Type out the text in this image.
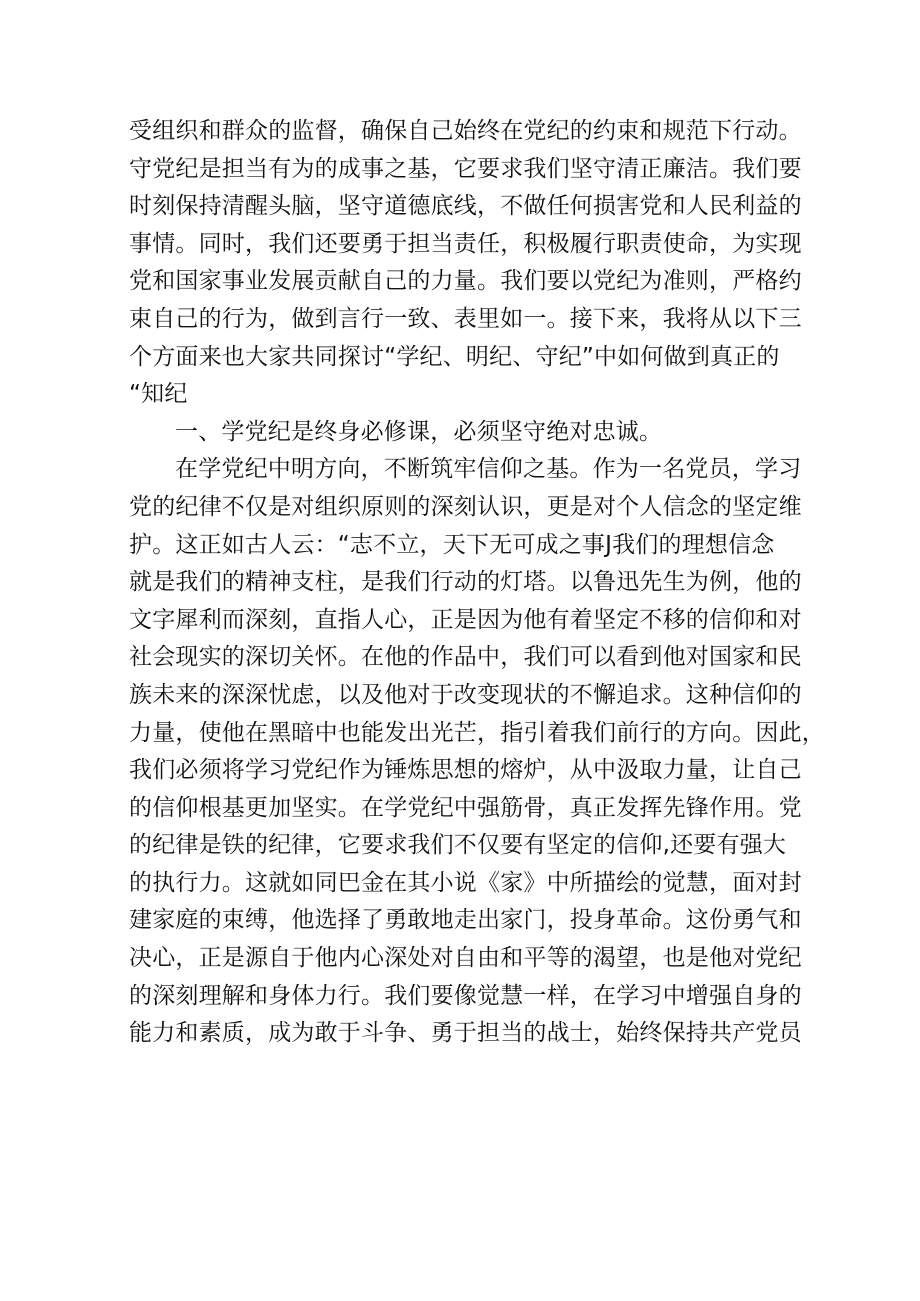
受组织和群众的监督，确保自己始终在党纪的约束和规范下行动。
守党纪是担当有为的成事之基，它要求我们坚守清正廉洁。我们要
时刻保持清醒头脑，坚守道德底线，不做任何损害党和人民利益的
事情。同时，我们还要勇于担当责任，积极履行职责使命，为实现
党和国家事业发展贡献自己的力量。我们要以党纪为准则，严格约
束自己的行为，做到言行一致、表里如一。接下来，我将从以下三
个方面来也大家共同探讨“学纪、明纪、守纪”中如何做到真正的
“知纪
一、学党纪是终身必修课，必须坚守绝对忠诚。
在学党纪中明方向，不断筑牢信仰之基。作为一名党员，学习
党的纪律不仅是对组织原则的深刻认识，更是对个人信念的坚定维
护。这正如古人云：“志不立，天下无可成之事J我们的理想信念
就是我们的精神支柱，是我们行动的灯塔。以鲁迅先生为例，他的
文字犀利而深刻，直指人心，正是因为他有着坚定不移的信仰和对
社会现实的深切关怀。在他的作品中，我们可以看到他对国家和民
族未来的深深忧虑，以及他对于改变现状的不懈追求。这种信仰的
力量，使他在黑暗中也能发出光芒，指引着我们前行的方向。因此，
我们必须将学习党纪作为锤炼思想的熔炉，从中汲取力量，让自己
的信仰根基更加坚实。在学党纪中强筋骨，真正发挥先锋作用。党
的纪律是铁的纪律，它要求我们不仅要有坚定的信仰,还要有强大
的执行力。这就如同巴金在其小说《家》中所描绘的觉慧，面对封
建家庭的束缚，他选择了勇敢地走出家门，投身革命。这份勇气和
决心，正是源自于他内心深处对自由和平等的渴望，也是他对党纪
的深刻理解和身体力行。我们要像觉慧一样，在学习中增强自身的
能力和素质，成为敢于斗争、勇于担当的战士，始终保持共产党员
